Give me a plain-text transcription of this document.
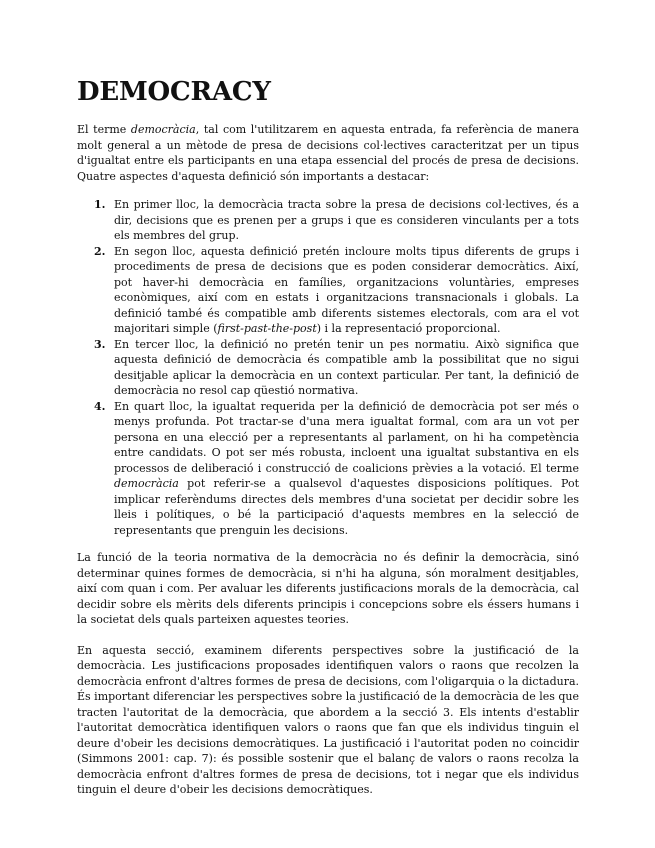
DEMOCRACY

El terme democràcia, tal com l'utilitzarem en aquesta entrada, fa referència de manera molt general a un mètode de presa de decisions col·lectives caracteritzat per un tipus d'igualtat entre els participants en una etapa essencial del procés de presa de decisions. Quatre aspectes d'aquesta definició són importants a destacar:

1. En primer lloc, la democràcia tracta sobre la presa de decisions col·lectives, és a dir, decisions que es prenen per a grups i que es consideren vinculants per a tots els membres del grup.
2. En segon lloc, aquesta definició pretén incloure molts tipus diferents de grups i procediments de presa de decisions que es poden considerar democràtics. Així, pot haver-hi democràcia en famílies, organitzacions voluntàries, empreses econòmiques, així com en estats i organitzacions transnacionals i globals. La definició també és compatible amb diferents sistemes electorals, com ara el vot majoritari simple (first-past-the-post) i la representació proporcional.
3. En tercer lloc, la definició no pretén tenir un pes normatiu. Això significa que aquesta definició de democràcia és compatible amb la possibilitat que no sigui desitjable aplicar la democràcia en un context particular. Per tant, la definició de democràcia no resol cap qüestió normativa.
4. En quart lloc, la igualtat requerida per la definició de democràcia pot ser més o menys profunda. Pot tractar-se d'una mera igualtat formal, com ara un vot per persona en una elecció per a representants al parlament, on hi ha competència entre candidats. O pot ser més robusta, incloent una igualtat substantiva en els processos de deliberació i construcció de coalicions prèvies a la votació. El terme democràcia pot referir-se a qualsevol d'aquestes disposicions polítiques. Pot implicar referèndums directes dels membres d'una societat per decidir sobre les lleis i polítiques, o bé la participació d'aquests membres en la selecció de representants que prenguin les decisions.

La funció de la teoria normativa de la democràcia no és definir la democràcia, sinó determinar quines formes de democràcia, si n'hi ha alguna, són moralment desitjables, així com quan i com. Per avaluar les diferents justificacions morals de la democràcia, cal decidir sobre els mèrits dels diferents principis i concepcions sobre els éssers humans i la societat dels quals parteixen aquestes teories.

En aquesta secció, examinem diferents perspectives sobre la justificació de la democràcia. Les justificacions proposades identifiquen valors o raons que recolzen la democràcia enfront d'altres formes de presa de decisions, com l'oligarquia o la dictadura. És important diferenciar les perspectives sobre la justificació de la democràcia de les que tracten l'autoritat de la democràcia, que abordem a la secció 3. Els intents d'establir l'autoritat democràtica identifiquen valors o raons que fan que els individus tinguin el deure d'obeir les decisions democràtiques. La justificació i l'autoritat poden no coincidir (Simmons 2001: cap. 7): és possible sostenir que el balanç de valors o raons recolza la democràcia enfront d'altres formes de presa de decisions, tot i negar que els individus tinguin el deure d'obeir les decisions democràtiques.
